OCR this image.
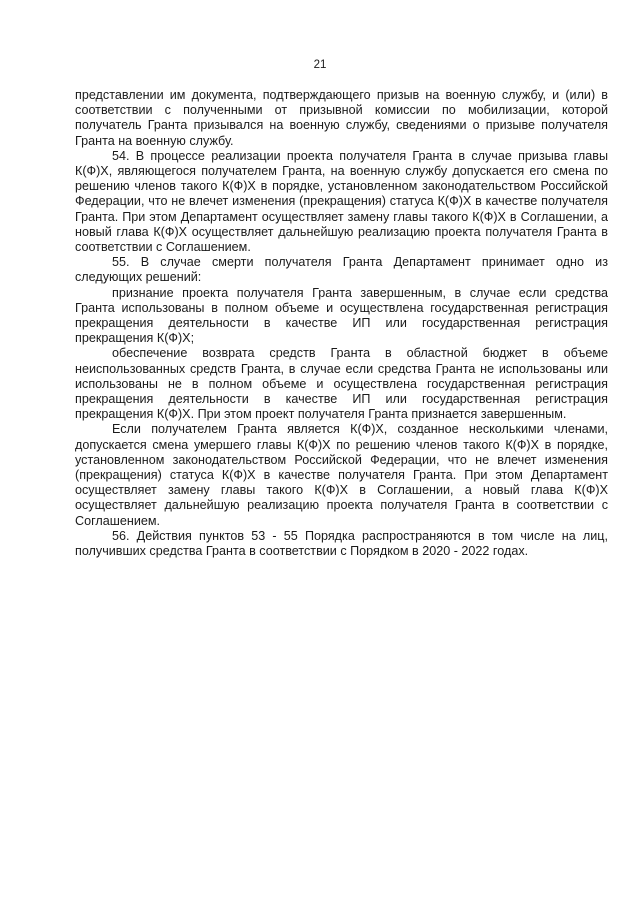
21

представлении им документа, подтверждающего призыв на военную службу, и (или) в соответствии с полученными от призывной комиссии по мобилизации, которой получатель Гранта призывался на военную службу, сведениями о призыве получателя Гранта на военную службу.

54. В процессе реализации проекта получателя Гранта в случае призыва главы К(Ф)Х, являющегося получателем Гранта, на военную службу допускается его смена по решению членов такого К(Ф)Х в порядке, установленном законодательством Российской Федерации, что не влечет изменения (прекращения) статуса К(Ф)Х в качестве получателя Гранта. При этом Департамент осуществляет замену главы такого К(Ф)Х в Соглашении, а новый глава К(Ф)Х осуществляет дальнейшую реализацию проекта получателя Гранта в соответствии с Соглашением.

55. В случае смерти получателя Гранта Департамент принимает одно из следующих решений:

признание проекта получателя Гранта завершенным, в случае если средства Гранта использованы в полном объеме и осуществлена государственная регистрация прекращения деятельности в качестве ИП или государственная регистрация прекращения К(Ф)Х;

обеспечение возврата средств Гранта в областной бюджет в объеме неиспользованных средств Гранта, в случае если средства Гранта не использованы или использованы не в полном объеме и осуществлена государственная регистрация прекращения деятельности в качестве ИП или государственная регистрация прекращения К(Ф)Х. При этом проект получателя Гранта признается завершенным.

Если получателем Гранта является К(Ф)Х, созданное несколькими членами, допускается смена умершего главы К(Ф)Х по решению членов такого К(Ф)Х в порядке, установленном законодательством Российской Федерации, что не влечет изменения (прекращения) статуса К(Ф)Х в качестве получателя Гранта. При этом Департамент осуществляет замену главы такого К(Ф)Х в Соглашении, а новый глава К(Ф)Х осуществляет дальнейшую реализацию проекта получателя Гранта в соответствии с Соглашением.

56. Действия пунктов 53 - 55 Порядка распространяются в том числе на лиц, получивших средства Гранта в соответствии с Порядком в 2020 - 2022 годах.
